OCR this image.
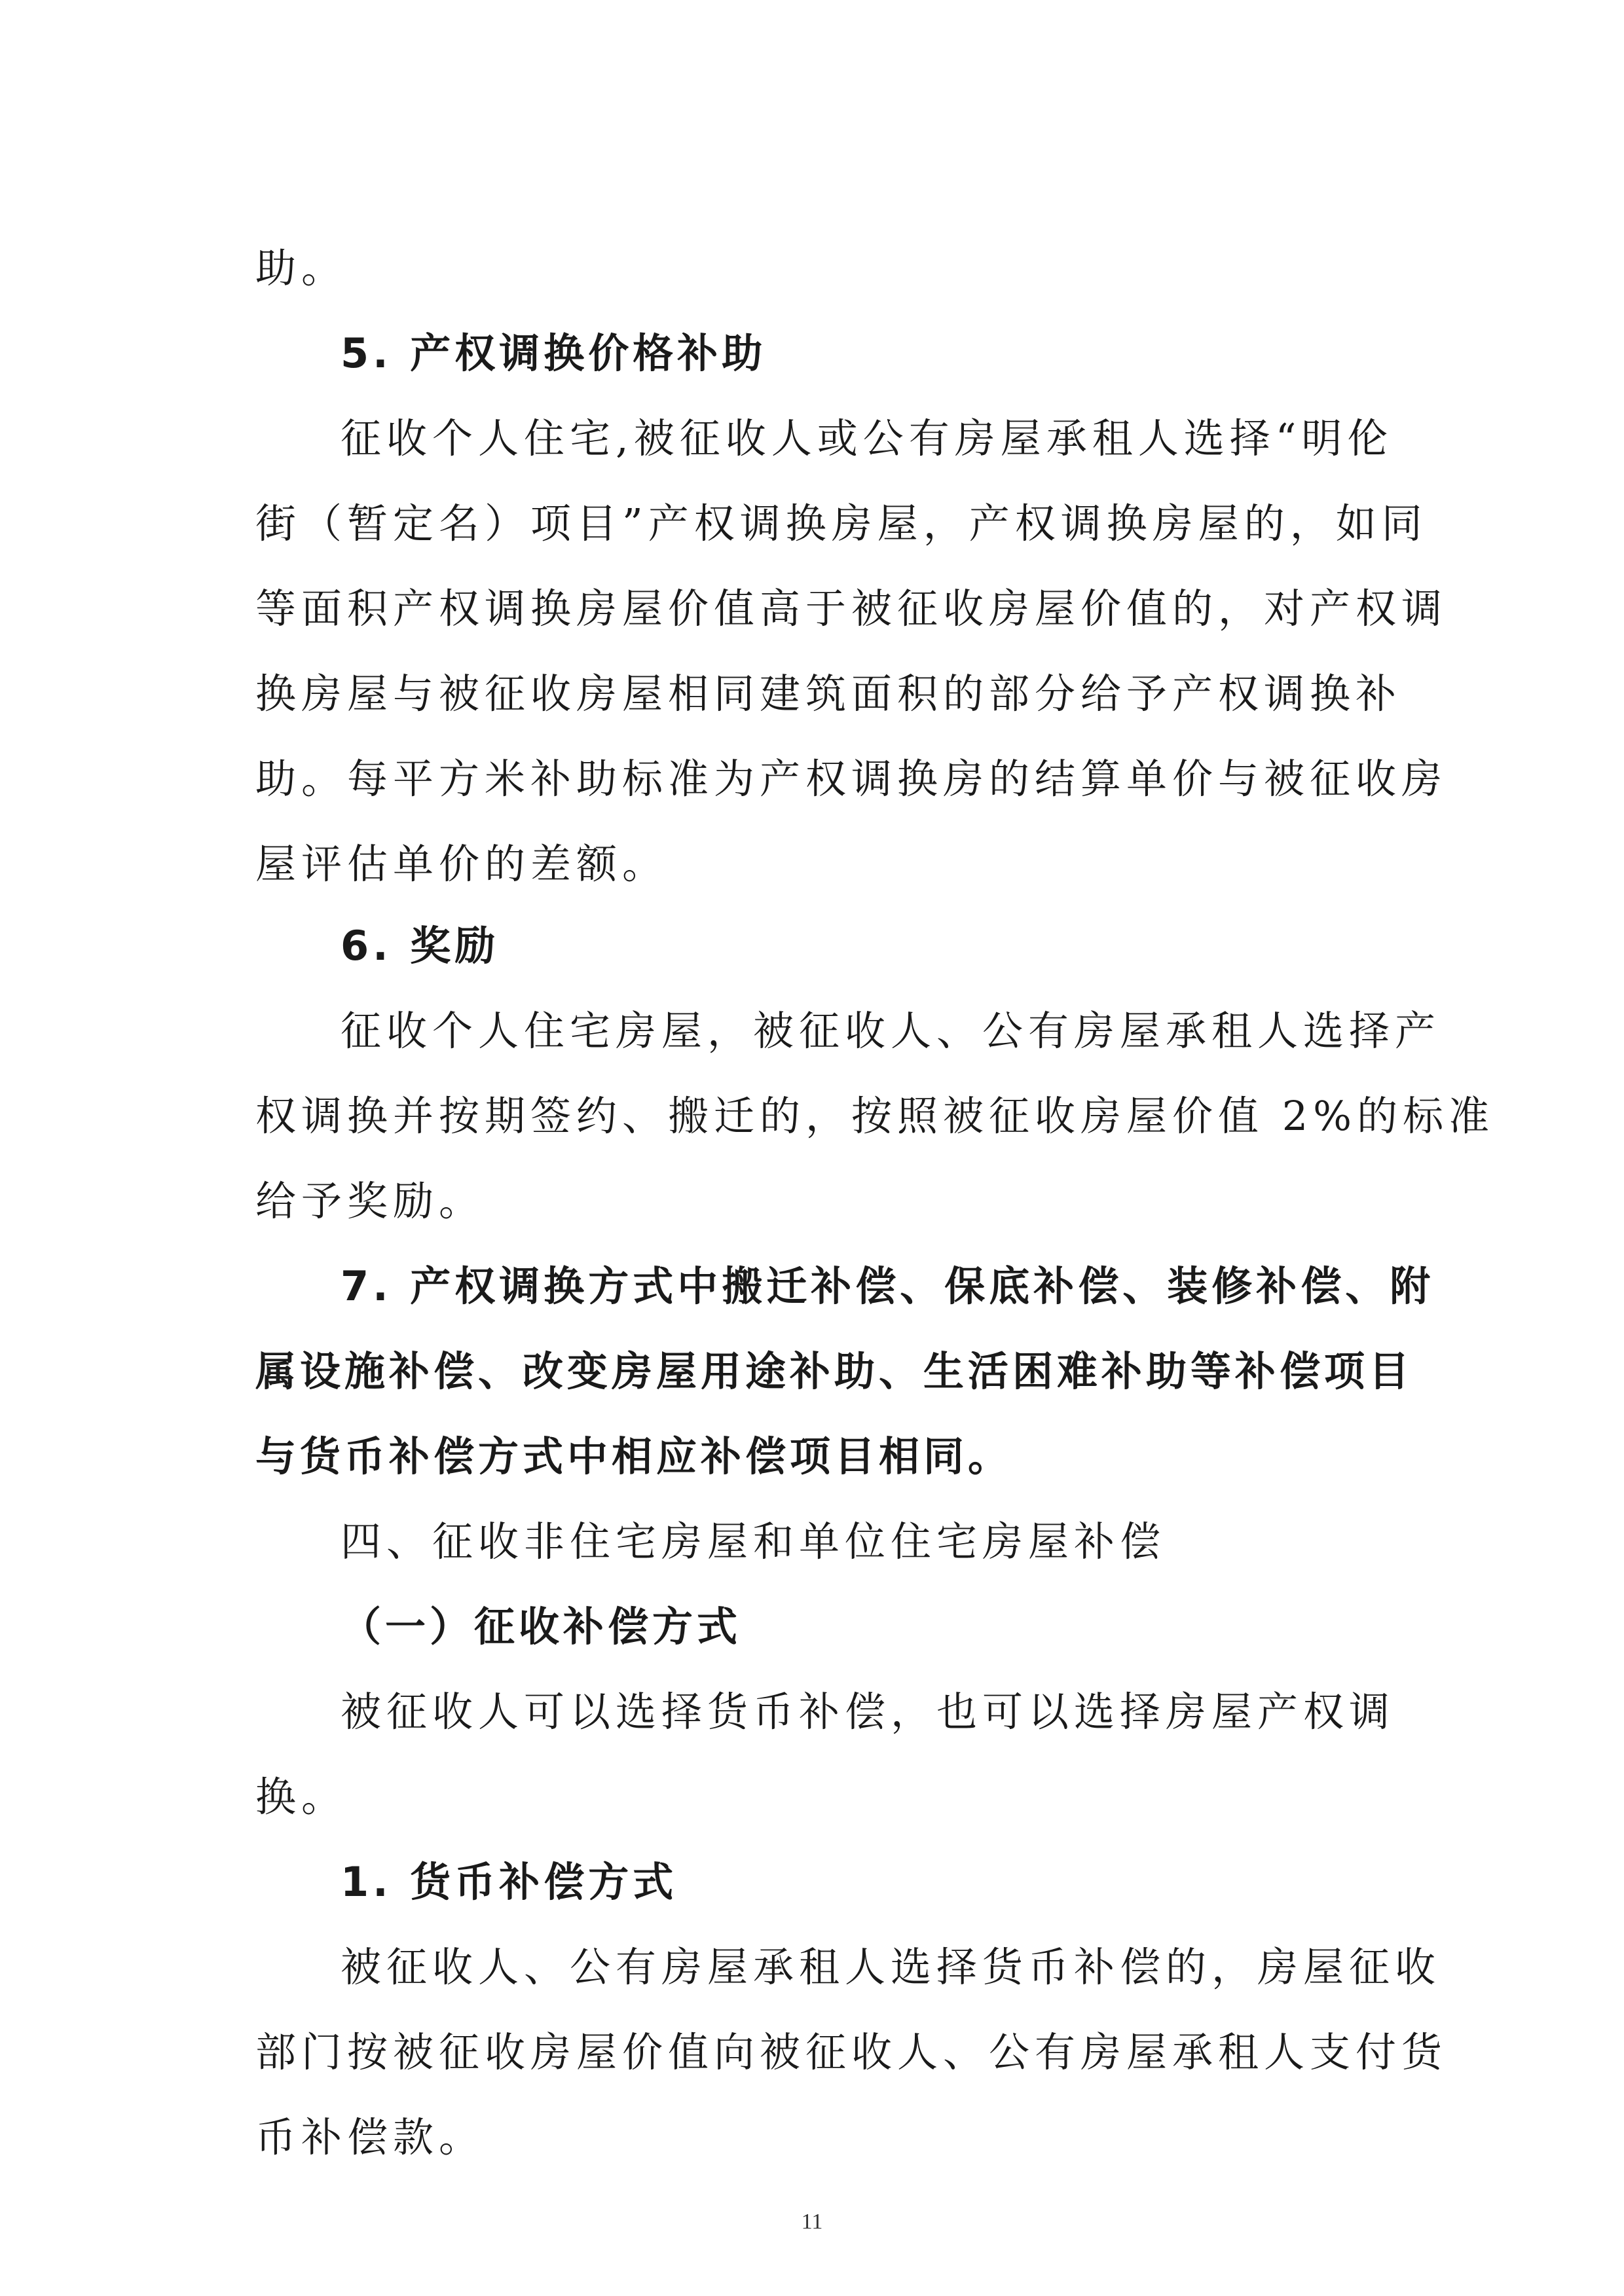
助。
5. 产权调换价格补助
征收个人住宅,被征收人或公有房屋承租人选择“明伦
街（暂定名）项目”产权调换房屋，产权调换房屋的，如同
等面积产权调换房屋价值高于被征收房屋价值的，对产权调
换房屋与被征收房屋相同建筑面积的部分给予产权调换补
助。每平方米补助标准为产权调换房的结算单价与被征收房
屋评估单价的差额。
6. 奖励
征收个人住宅房屋，被征收人、公有房屋承租人选择产
权调换并按期签约、搬迁的，按照被征收房屋价值 2%的标准
给予奖励。
7. 产权调换方式中搬迁补偿、保底补偿、装修补偿、附
属设施补偿、改变房屋用途补助、生活困难补助等补偿项目
与货币补偿方式中相应补偿项目相同。
四、征收非住宅房屋和单位住宅房屋补偿
（一）征收补偿方式
被征收人可以选择货币补偿，也可以选择房屋产权调
换。
1. 货币补偿方式
被征收人、公有房屋承租人选择货币补偿的，房屋征收
部门按被征收房屋价值向被征收人、公有房屋承租人支付货
币补偿款。
11
